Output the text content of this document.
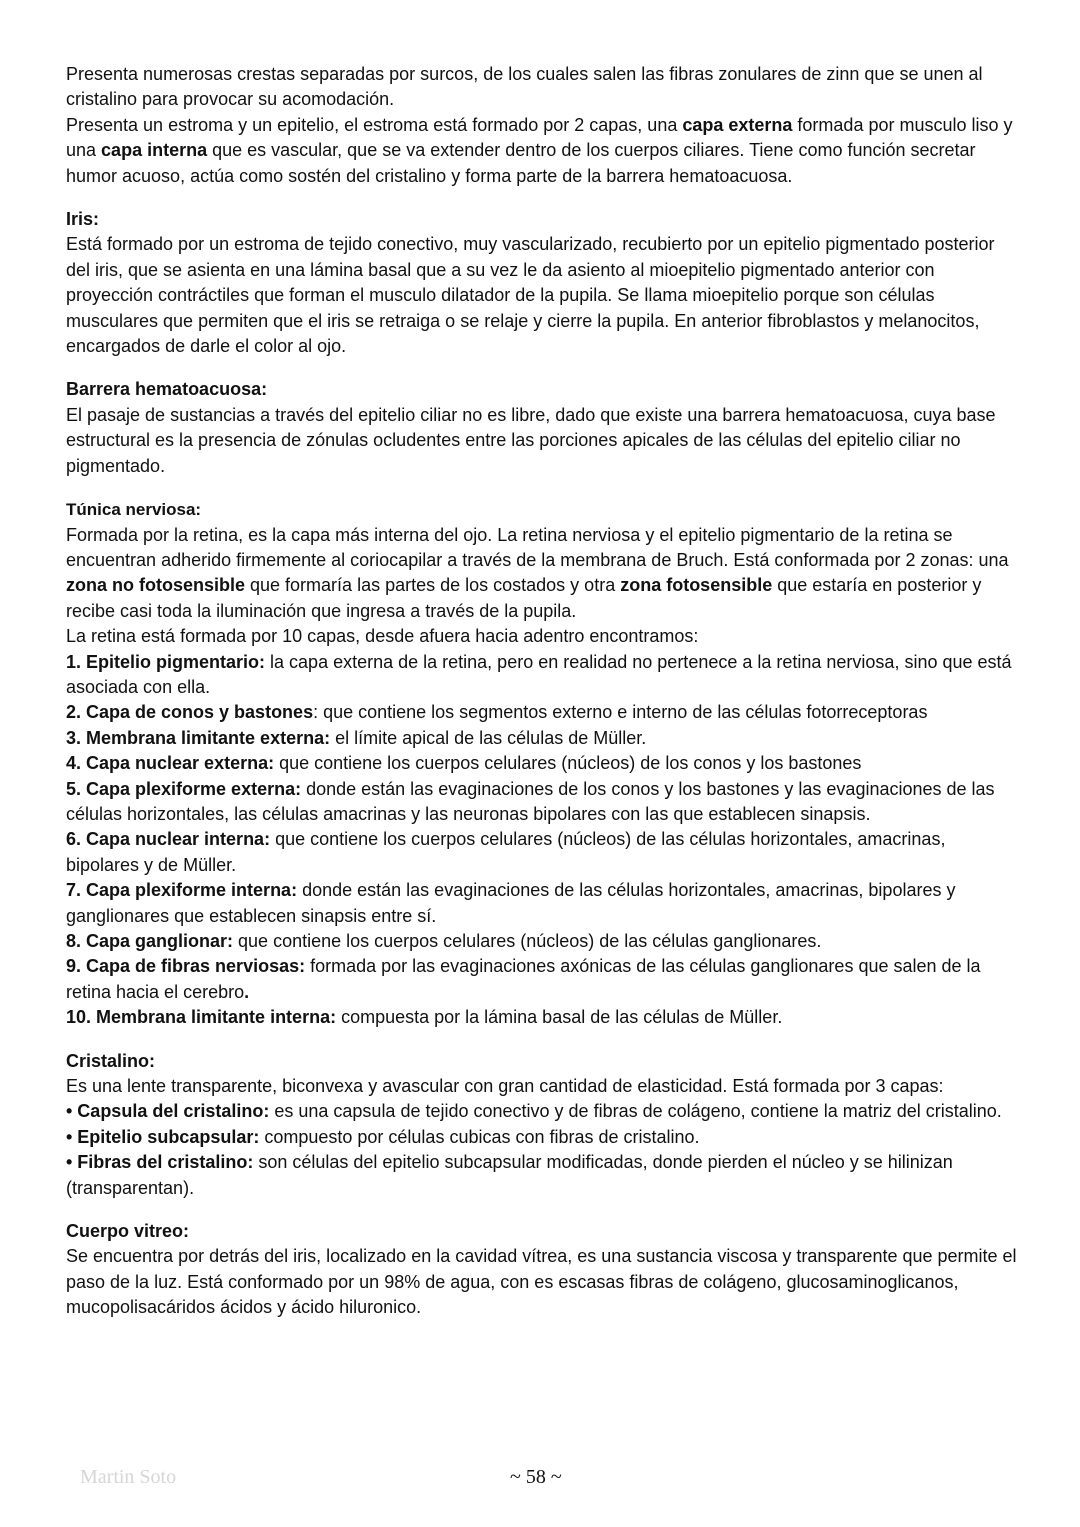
Presenta numerosas crestas separadas por surcos, de los cuales salen las fibras zonulares de zinn que se unen al cristalino para provocar su acomodación.

Presenta un estroma y un epitelio, el estroma está formado por 2 capas, una capa externa formada por musculo liso y una capa interna que es vascular, que se va extender dentro de los cuerpos ciliares. Tiene como función secretar humor acuoso, actúa como sostén del cristalino y forma parte de la barrera hematoacuosa.

Iris:

Está formado por un estroma de tejido conectivo, muy vascularizado, recubierto por un epitelio pigmentado posterior del iris, que se asienta en una lámina basal que a su vez le da asiento al mioepitelio pigmentado anterior con proyección contráctiles que forman el musculo dilatador de la pupila. Se llama mioepitelio porque son células musculares que permiten que el iris se retraiga o se relaje y cierre la pupila. En anterior fibroblastos y melanocitos, encargados de darle el color al ojo.

Barrera hematoacuosa:

El pasaje de sustancias a través del epitelio ciliar no es libre, dado que existe una barrera hematoacuosa, cuya base estructural es la presencia de zónulas ocludentes entre las porciones apicales de las células del epitelio ciliar no pigmentado.

Túnica nerviosa:

Formada por la retina, es la capa más interna del ojo. La retina nerviosa y el epitelio pigmentario de la retina se encuentran adherido firmemente al coriocapilar a través de la membrana de Bruch. Está conformada por 2 zonas: una zona no fotosensible que formaría las partes de los costados y otra zona fotosensible que estaría en posterior y recibe casi toda la iluminación que ingresa a través de la pupila.

La retina está formada por 10 capas, desde afuera hacia adentro encontramos:

1. Epitelio pigmentario: la capa externa de la retina, pero en realidad no pertenece a la retina nerviosa, sino que está asociada con ella.

2. Capa de conos y bastones: que contiene los segmentos externo e interno de las células fotorreceptoras

3. Membrana limitante externa: el límite apical de las células de Müller.

4. Capa nuclear externa: que contiene los cuerpos celulares (núcleos) de los conos y los bastones

5. Capa plexiforme externa: donde están las evaginaciones de los conos y los bastones y las evaginaciones de las células horizontales, las células amacrinas y las neuronas bipolares con las que establecen sinapsis.

6. Capa nuclear interna: que contiene los cuerpos celulares (núcleos) de las células horizontales, amacrinas, bipolares y de Müller.

7. Capa plexiforme interna: donde están las evaginaciones de las células horizontales, amacrinas, bipolares y ganglionares que establecen sinapsis entre sí.

8. Capa ganglionar: que contiene los cuerpos celulares (núcleos) de las células ganglionares.

9. Capa de fibras nerviosas: formada por las evaginaciones axónicas de las células ganglionares que salen de la retina hacia el cerebro.

10. Membrana limitante interna: compuesta por la lámina basal de las células de Müller.

Cristalino:

Es una lente transparente, biconvexa y avascular con gran cantidad de elasticidad. Está formada por 3 capas:

• Capsula del cristalino: es una capsula de tejido conectivo y de fibras de colágeno, contiene la matriz del cristalino.

• Epitelio subcapsular: compuesto por células cubicas con fibras de cristalino.

• Fibras del cristalino: son células del epitelio subcapsular modificadas, donde pierden el núcleo y se hilinizan (transparentan).

Cuerpo vitreo:

Se encuentra por detrás del iris, localizado en la cavidad vítrea, es una sustancia viscosa y transparente que permite el paso de la luz. Está conformado por un 98% de agua, con es escasas fibras de colágeno, glucosaminoglicanos, mucopolisacáridos ácidos y ácido hiluronico.

Martin Soto	~ 58 ~
